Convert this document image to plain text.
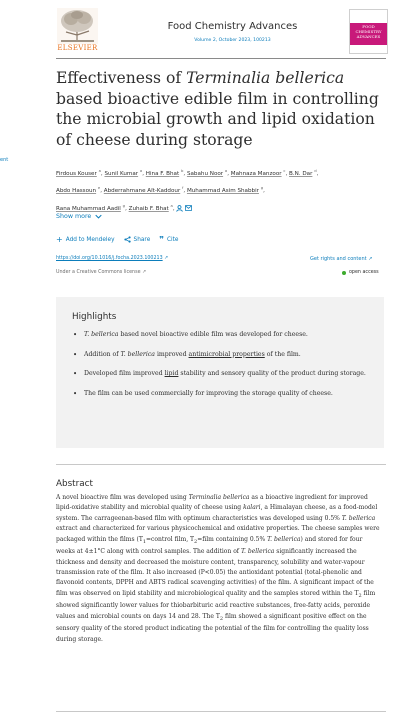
ent
ELSEVIER
Food Chemistry Advances
Volume 2, October 2023, 100213
FOOD
CHEMISTRY
ADVANCES
Effectiveness of Terminalia bellerica based bioactive edible film in controlling the microbial growth and lipid oxidation of cheese during storage
Firdous Kouser $^a$, Sunil Kumar $^a$, Hina F. Bhat $^b$, Sabahu Noor $^a$, Mahnaza Manzoor $^c$, B.N. Dar $^d$,
Abdo Hassoun $^e$, Abderrahmane Aït-Kaddour $^f$, Muhammad Asim Shabbir $^g$,
Rana Muhammad Aadil $^g$, Zuhaib F. Bhat $^a$,
Show more
+ Add to Mendeley	Share ❞ Cite
https://doi.org/10.1016/j.focha.2023.100213 ↗	Get rights and content ↗
Under a Creative Commons license ↗	open access
Highlights
• T. bellerica based novel bioactive edible film was developed for cheese.
• Addition of T. bellerica improved antimicrobial properties of the film.
• Developed film improved lipid stability and sensory quality of the product during storage.
• The film can be used commercially for improving the storage quality of cheese.
Abstract

A novel bioactive film was developed using Terminalia bellerica as a bioactive ingredient for improved lipid-oxidative stability and microbial quality of cheese using kalari, a Himalayan cheese, as a food-model system. The carrageenan-based film with optimum characteristics was developed using 0.5% T. bellerica extract and characterized for various physicochemical and oxidative properties. The cheese samples were packaged within the films ($T_1=control$ film, $T_2=film$ containing 0.5% T. bellerica) and stored for four weeks at 4±1°C along with control samples. The addition of T. bellerica significantly increased the thickness and density and decreased the moisture content, transparency, solubility and water-vapour transmission rate of the film. It also increased (P<0.05) the antioxidant potential (total-phenolic and flavonoid contents, DPPH and ABTS radical scavenging activities) of the film. A significant impact of the film was observed on lipid stability and microbiological quality and the samples stored within the $T_2$ film showed significantly lower values for thiobarbituric acid reactive substances, free-fatty acids, peroxide values and microbial counts on days 14 and 28. The $T_2$ film showed a significant positive effect on the sensory quality of the stored product indicating the potential of the film for controlling the quality loss during storage.
